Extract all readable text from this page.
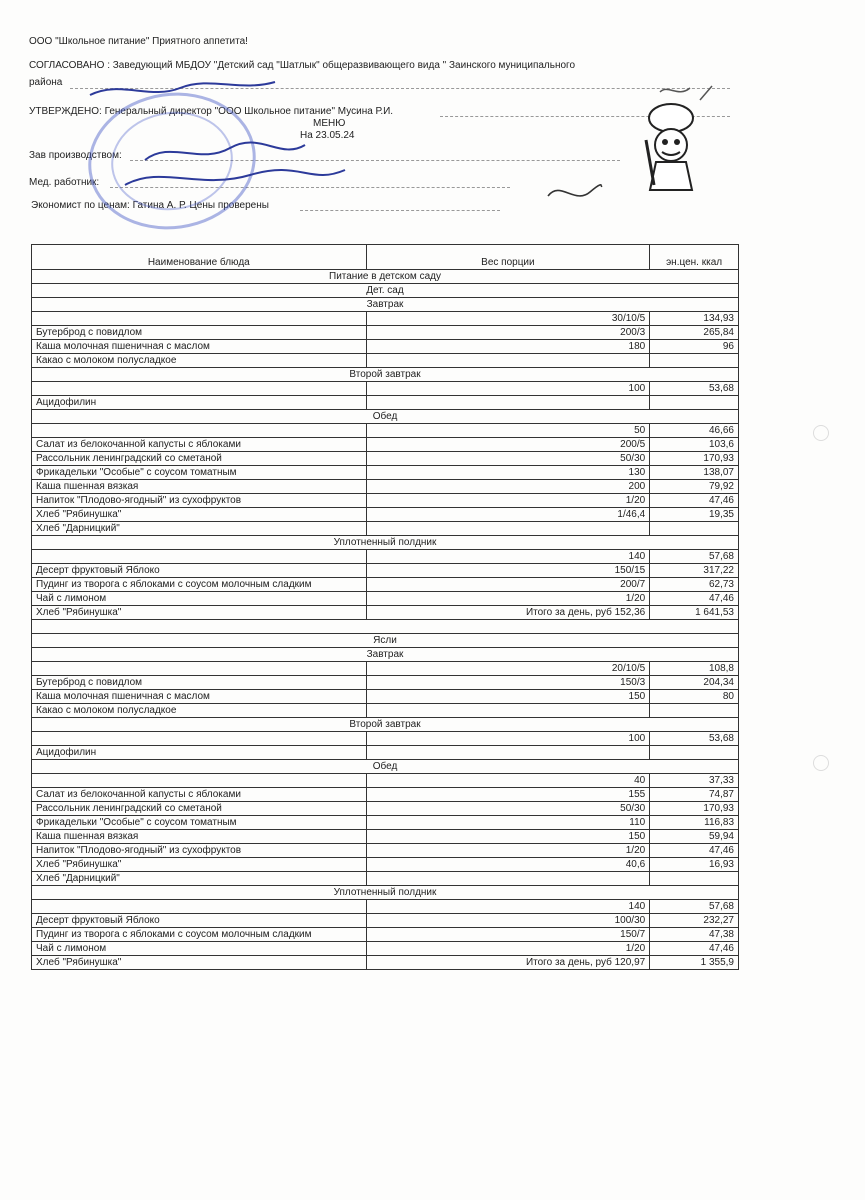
ООО "Школьное питание" Приятного аппетита!
СОГЛАСОВАНО : Заведующий МБДОУ "Детский сад "Шатлык" общеразвивающего вида " Заинского муниципального
района
УТВЕРЖДЕНО: Генеральный директор "ООО Школьное питание" Мусина Р.И.
МЕНЮ
На 23.05.24
Зав производством:
Мед. работник:
Экономист по ценам: Гатина А. Р. Цены проверены
Наименование блюда	Вес порции	эн.цен. ккал
Питание в детском саду		
Дет. сад		
Завтрак		
	30/10/5	134,93
Бутерброд с повидлом	200/3	265,84
Каша молочная пшеничная с маслом	180	96
Какао с молоком полусладкое		
Второй завтрак		
	100	53,68
Ацидофилин		
Обед		
	50	46,66
Салат из белокочанной капусты с яблоками	200/5	103,6
Рассольник ленинградский со сметаной	50/30	170,93
Фрикадельки "Особые" с соусом томатным	130	138,07
Каша пшенная вязкая	200	79,92
Напиток "Плодово-ягодный" из сухофруктов	1/20	47,46
Хлеб "Рябинушка"	1/46,4	19,35
Хлеб "Дарницкий"		
Уплотненный полдник		
	140	57,68
Десерт фруктовый Яблоко	150/15	317,22
Пудинг из творога с яблоками с соусом молочным сладким	200/7	62,73
Чай с лимоном	1/20	47,46
Хлеб "Рябинушка"	Итого за день, руб 152,36	1 641,53

Ясли		
Завтрак		
	20/10/5	108,8
Бутерброд с повидлом	150/3	204,34
Каша молочная пшеничная с маслом	150	80
Какао с молоком полусладкое		
Второй завтрак		
	100	53,68
Ацидофилин		
Обед		
	40	37,33
Салат из белокочанной капусты с яблоками	155	74,87
Рассольник ленинградский со сметаной	50/30	170,93
Фрикадельки "Особые" с соусом томатным	110	116,83
Каша пшенная вязкая	150	59,94
Напиток "Плодово-ягодный" из сухофруктов	1/20	47,46
Хлеб "Рябинушка"	40,6	16,93
Хлеб "Дарницкий"		
Уплотненный полдник		
	140	57,68
Десерт фруктовый Яблоко	100/30	232,27
Пудинг из творога с яблоками с соусом молочным сладким	150/7	47,38
Чай с лимоном	1/20	47,46
Хлеб "Рябинушка"	Итого за день, руб 120,97	1 355,9
